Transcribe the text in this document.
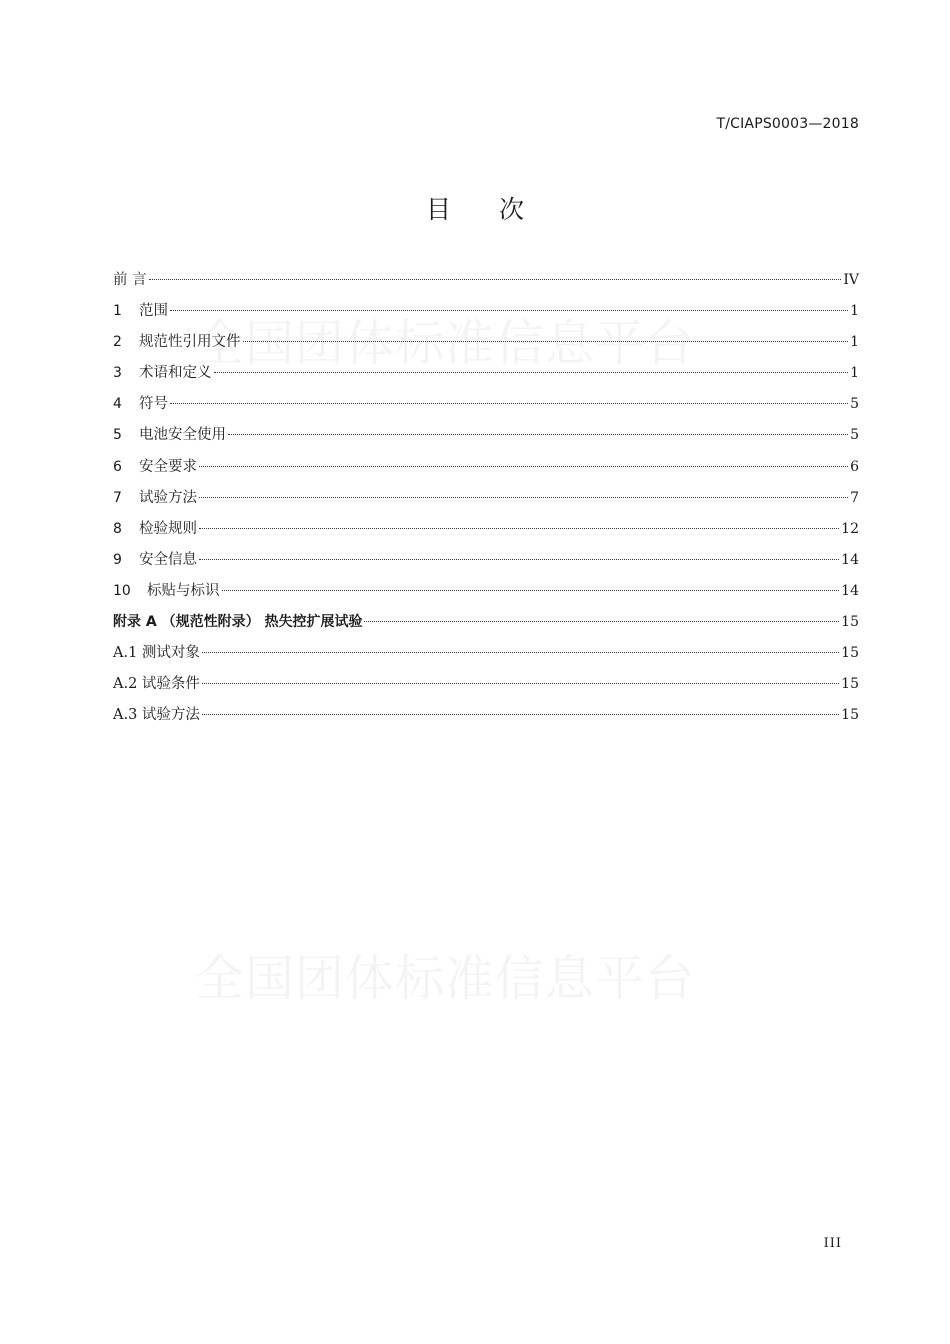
T/CIAPS0003—2018
目次
前 言	IV
1	范围	1
2	规范性引用文件	1
3	术语和定义	1
4	符号	5
5	电池安全使用	5
6	安全要求	6
7	试验方法	7
8	检验规则	12
9	安全信息	14
10	标贴与标识	14
附录 A （规范性附录） 热失控扩展试验	15
A.1 测试对象	15
A.2 试验条件	15
A.3 试验方法	15
III
